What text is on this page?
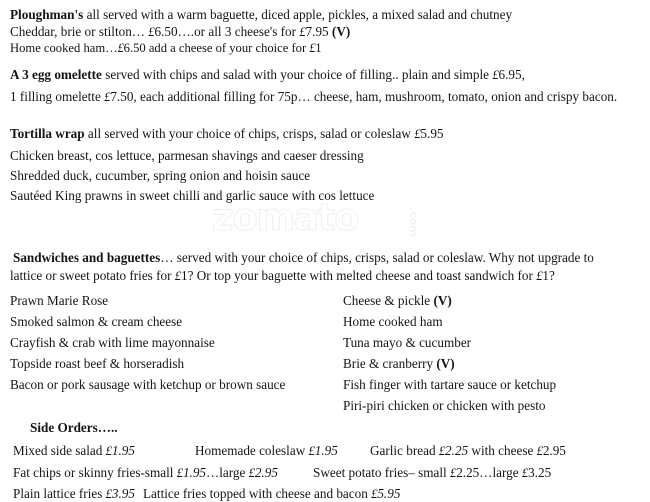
zomato	.com
Ploughman's all served with a warm baguette, diced apple, pickles, a mixed salad and chutney
Cheddar, brie or stilton… £6.50….or all 3 cheese's for £7.95 (V)
Home cooked ham…£6.50 add a cheese of your choice for £1
A 3 egg omelette served with chips and salad with your choice of filling.. plain and simple £6.95,
1 filling omelette £7.50, each additional filling for 75p… cheese, ham, mushroom, tomato, onion and crispy bacon.
Tortilla wrap all served with your choice of chips, crisps, salad or coleslaw £5.95
Chicken breast, cos lettuce, parmesan shavings and caeser dressing
Shredded duck, cucumber, spring onion and hoisin sauce
Sautéed King prawns in sweet chilli and garlic sauce with cos lettuce
Sandwiches and baguettes… served with your choice of chips, crisps, salad or coleslaw. Why not upgrade to
lattice or sweet potato fries for £1? Or top your baguette with melted cheese and toast sandwich for £1?
Prawn Marie Rose
Smoked salmon & cream cheese
Crayfish & crab with lime mayonnaise
Topside roast beef & horseradish
Bacon or pork sausage with ketchup or brown sauce
Cheese & pickle (V)
Home cooked ham
Tuna mayo & cucumber
Brie & cranberry (V)
Fish finger with tartare sauce or ketchup
Piri-piri chicken or chicken with pesto
Side Orders…..
Mixed side salad £1.95	Homemade coleslaw £1.95 Garlic bread £2.25 with cheese £2.95
Fat chips or skinny fries-small £1.95…large £2.95	Sweet potato fries– small £2.25…large £3.25
Plain lattice fries £3.95 Lattice fries topped with cheese and bacon £5.95
